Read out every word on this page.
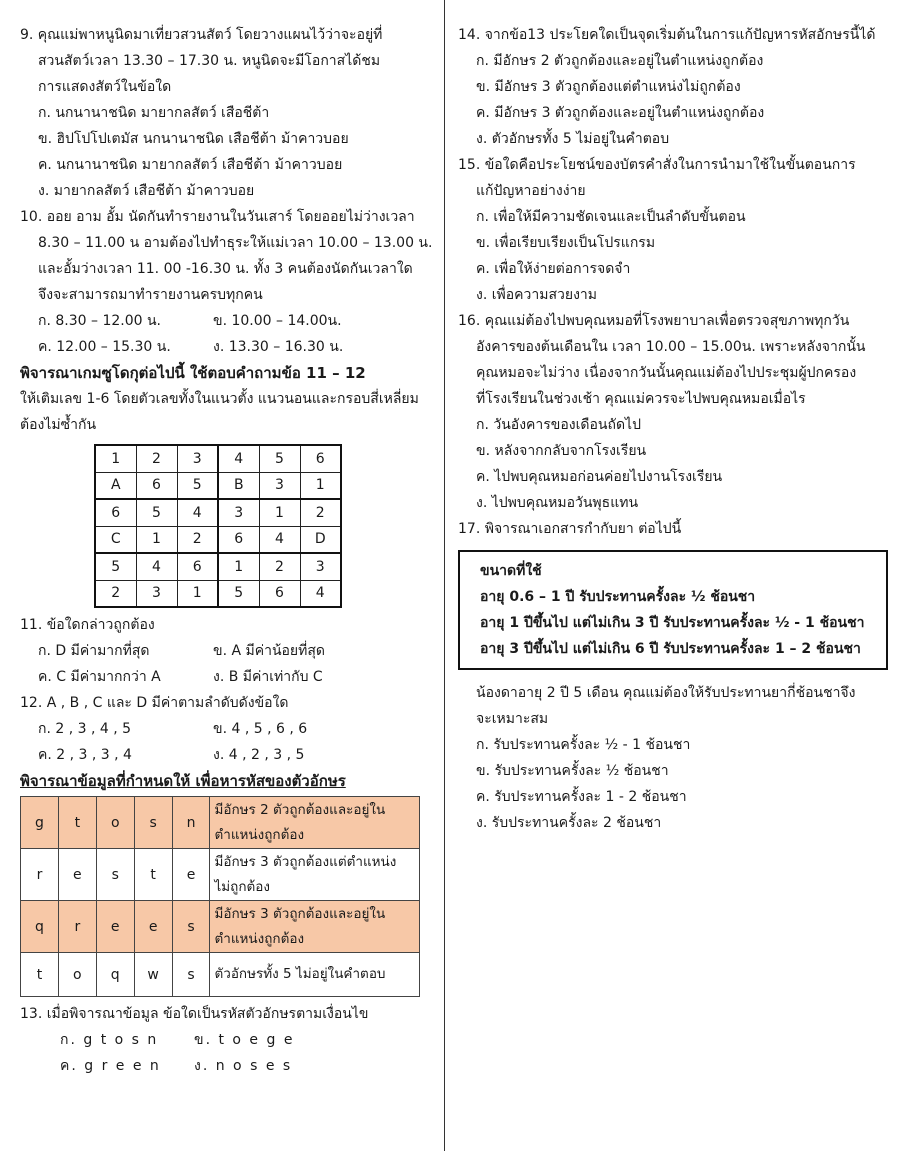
9. คุณแม่พาหนูนิดมาเที่ยวสวนสัตว์ โดยวางแผนไว้ว่าจะอยู่ที่
สวนสัตว์เวลา 13.30 – 17.30 น. หนูนิดจะมีโอกาสได้ชม
การแสดงสัตว์ในข้อใด
ก. นกนานาชนิด มายากลสัตว์ เสือชีต้า
ข. ฮิปโปโปเตมัส นกนานาชนิด เสือชีต้า ม้าคาวบอย
ค. นกนานาชนิด มายากลสัตว์ เสือชีต้า ม้าคาวบอย
ง. มายากลสัตว์ เสือชีต้า ม้าคาวบอย
10. ออย อาม อั้ม นัดกันทำรายงานในวันเสาร์ โดยออยไม่ว่างเวลา
8.30 – 11.00 น อามต้องไปทำธุระให้แม่เวลา 10.00 – 13.00 น.
และอั้มว่างเวลา 11. 00 -16.30 น. ทั้ง 3 คนต้องนัดกันเวลาใด
จึงจะสามารถมาทำรายงานครบทุกคน
ก. 8.30 – 12.00 น.	ข. 10.00 – 14.00น.
ค. 12.00 – 15.30 น.	ง. 13.30 – 16.30 น.
พิจารณาเกมซูโดกุต่อไปนี้ ใช้ตอบคำถามข้อ 11 – 12
ให้เติมเลข 1-6 โดยตัวเลขทั้งในแนวตั้ง แนวนอนและกรอบสี่เหลี่ยม
ต้องไม่ซ้ำกัน
1	2	3	4	5	6
A	6	5	B	3	1
6	5	4	3	1	2
C	1	2	6	4	D
5	4	6	1	2	3
2	3	1	5	6	4
11. ข้อใดกล่าวถูกต้อง
ก. D มีค่ามากที่สุด	ข. A มีค่าน้อยที่สุด
ค. C มีค่ามากกว่า A	ง. B มีค่าเท่ากับ C
12. A , B , C และ D มีค่าตามลำดับดังข้อใด
ก. 2 , 3 , 4 , 5	ข. 4 , 5 , 6 , 6
ค. 2 , 3 , 3 , 4	ง. 4 , 2 , 3 , 5
พิจารณาข้อมูลที่กำหนดให้ เพื่อหารหัสของตัวอักษร
g	t	o	s	n	มีอักษร 2 ตัวถูกต้องและอยู่ใน
ตำแหน่งถูกต้อง

r	e	s	t	e	มีอักษร 3 ตัวถูกต้องแต่ตำแหน่ง
ไม่ถูกต้อง

q	r	e	e	s	มีอักษร 3 ตัวถูกต้องและอยู่ใน
ตำแหน่งถูกต้อง

t	o	q	w	s	ตัวอักษรทั้ง 5 ไม่อยู่ในคำตอบ
13. เมื่อพิจารณาข้อมูล ข้อใดเป็นรหัสตัวอักษรตามเงื่อนไข
ก. g t o s n	ข. t o e g e
ค. g r e e n	ง. n o s e s
14. จากข้อ13 ประโยคใดเป็นจุดเริ่มต้นในการแก้ปัญหารหัสอักษรนี้ได้
ก. มีอักษร 2 ตัวถูกต้องและอยู่ในตำแหน่งถูกต้อง
ข. มีอักษร 3 ตัวถูกต้องแต่ตำแหน่งไม่ถูกต้อง
ค. มีอักษร 3 ตัวถูกต้องและอยู่ในตำแหน่งถูกต้อง
ง. ตัวอักษรทั้ง 5 ไม่อยู่ในคำตอบ
15. ข้อใดคือประโยชน์ของบัตรคำสั่งในการนำมาใช้ในขั้นตอนการ
แก้ปัญหาอย่างง่าย
ก. เพื่อให้มีความชัดเจนและเป็นลำดับขั้นตอน
ข. เพื่อเรียบเรียงเป็นโปรแกรม
ค. เพื่อให้ง่ายต่อการจดจำ
ง. เพื่อความสวยงาม
16. คุณแม่ต้องไปพบคุณหมอที่โรงพยาบาลเพื่อตรวจสุขภาพทุกวัน
อังคารของต้นเดือนใน เวลา 10.00 – 15.00น. เพราะหลังจากนั้น
คุณหมอจะไม่ว่าง เนื่องจากวันนั้นคุณแม่ต้องไปประชุมผู้ปกครอง
ที่โรงเรียนในช่วงเช้า คุณแม่ควรจะไปพบคุณหมอเมื่อไร
ก. วันอังคารของเดือนถัดไป
ข. หลังจากกลับจากโรงเรียน
ค. ไปพบคุณหมอก่อนค่อยไปงานโรงเรียน
ง. ไปพบคุณหมอวันพุธแทน
17. พิจารณาเอกสารกำกับยา ต่อไปนี้
ขนาดที่ใช้
อายุ 0.6 – 1 ปี รับประทานครั้งละ ½ ช้อนชา
อายุ 1 ปีขึ้นไป แต่ไม่เกิน 3 ปี รับประทานครั้งละ ½ - 1 ช้อนชา
อายุ 3 ปีขึ้นไป แต่ไม่เกิน 6 ปี รับประทานครั้งละ 1 – 2 ช้อนชา
น้องดาอายุ 2 ปี 5 เดือน คุณแม่ต้องให้รับประทานยากี่ช้อนชาจึง
จะเหมาะสม
ก. รับประทานครั้งละ ½ - 1 ช้อนชา
ข. รับประทานครั้งละ ½ ช้อนชา
ค. รับประทานครั้งละ 1 - 2 ช้อนชา
ง. รับประทานครั้งละ 2 ช้อนชา
